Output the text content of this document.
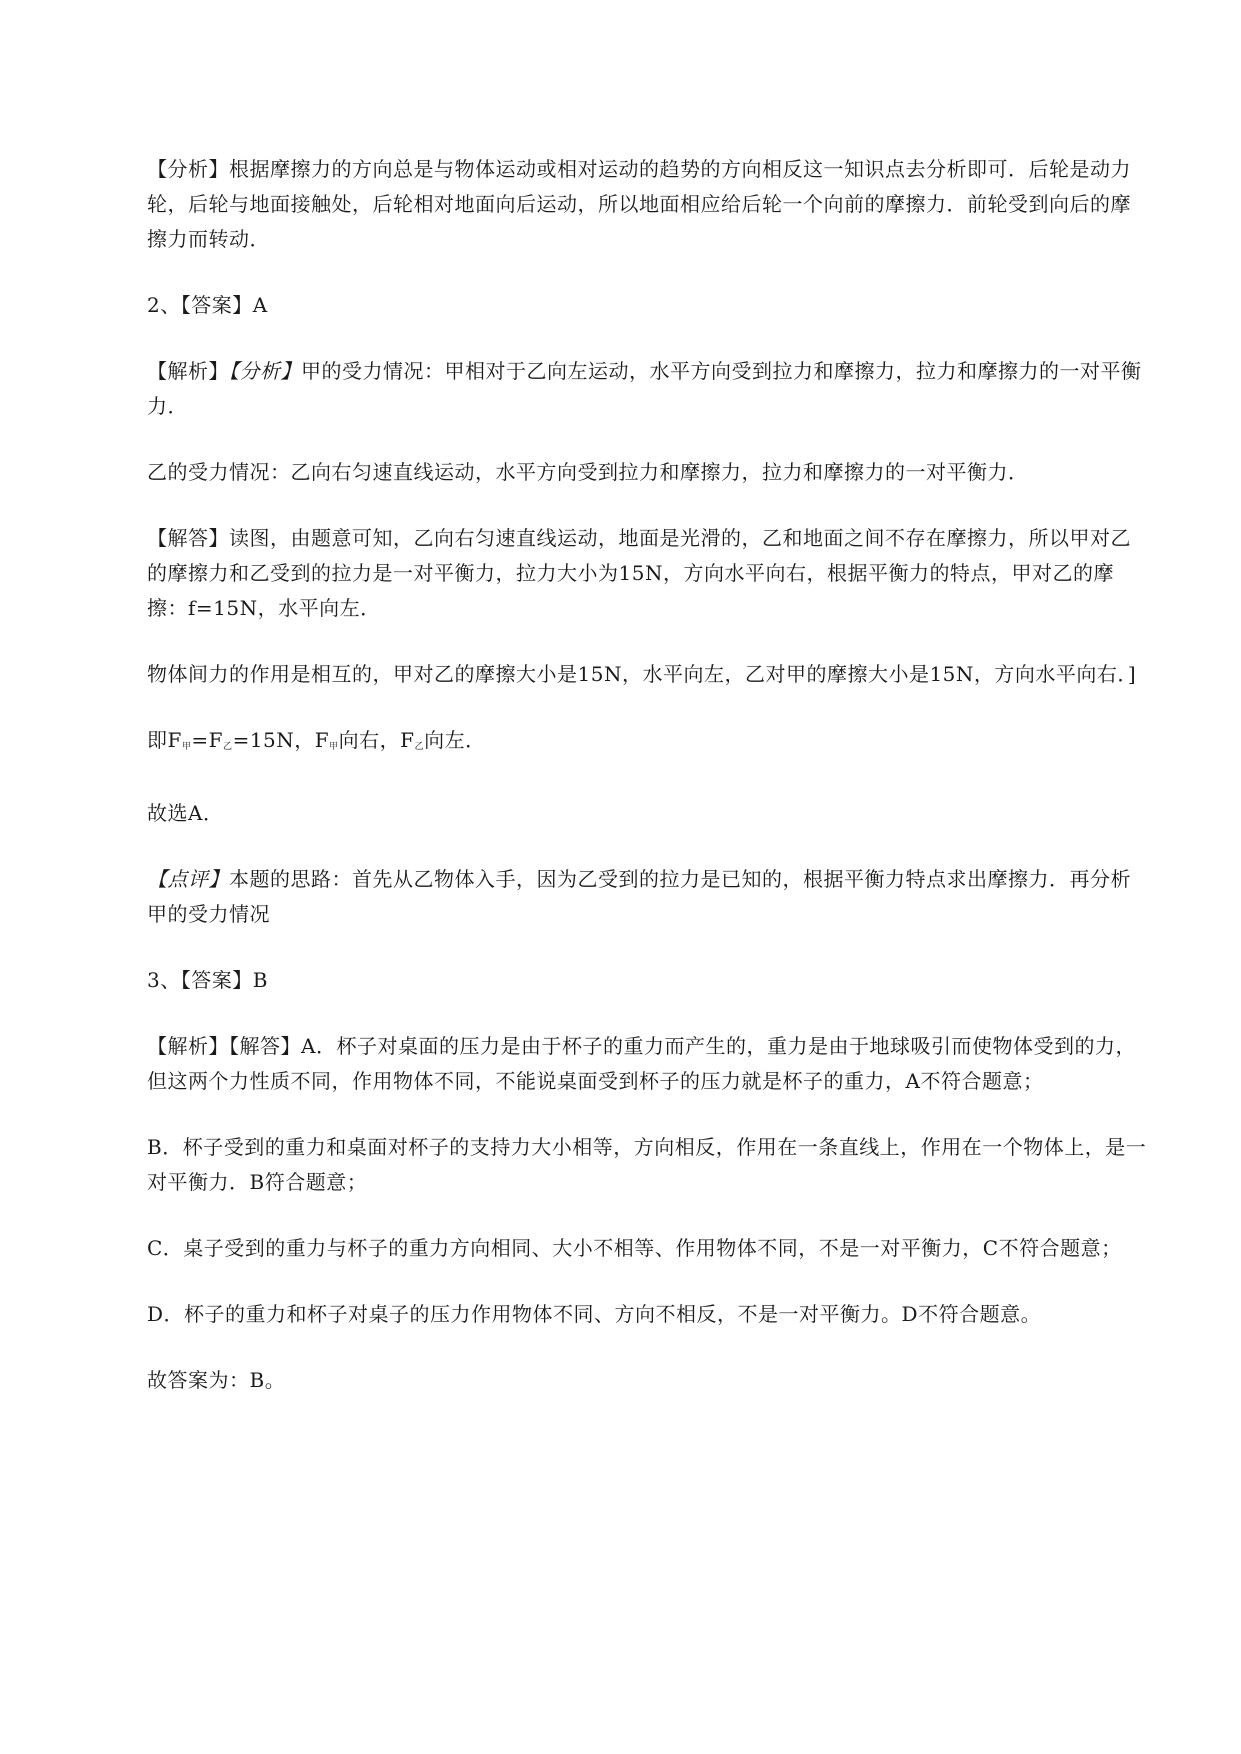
【分析】根据摩擦力的方向总是与物体运动或相对运动的趋势的方向相反这一知识点去分析即可．后轮是动力轮，后轮与地面接触处，后轮相对地面向后运动，所以地面相应给后轮一个向前的摩擦力．前轮受到向后的摩擦力而转动．

2、【答案】A

【解析】【分析】甲的受力情况：甲相对于乙向左运动，水平方向受到拉力和摩擦力，拉力和摩擦力的一对平衡力．

乙的受力情况：乙向右匀速直线运动，水平方向受到拉力和摩擦力，拉力和摩擦力的一对平衡力．

【解答】读图，由题意可知，乙向右匀速直线运动，地面是光滑的，乙和地面之间不存在摩擦力，所以甲对乙的摩擦力和乙受到的拉力是一对平衡力，拉力大小为15N，方向水平向右，根据平衡力的特点，甲对乙的摩擦：f=15N，水平向左．

物体间力的作用是相互的，甲对乙的摩擦大小是15N，水平向左，乙对甲的摩擦大小是15N，方向水平向右．]

即$F_甲=F_乙=15N$，$F_甲$向右，$F_乙$向左．

故选A．

【点评】本题的思路：首先从乙物体入手，因为乙受到的拉力是已知的，根据平衡力特点求出摩擦力．再分析甲的受力情况

3、【答案】B

【解析】【解答】A．杯子对桌面的压力是由于杯子的重力而产生的，重力是由于地球吸引而使物体受到的力，但这两个力性质不同，作用物体不同，不能说桌面受到杯子的压力就是杯子的重力，A不符合题意；

B．杯子受到的重力和桌面对杯子的支持力大小相等，方向相反，作用在一条直线上，作用在一个物体上，是一对平衡力．B符合题意；

C．桌子受到的重力与杯子的重力方向相同、大小不相等、作用物体不同，不是一对平衡力，C不符合题意；

D．杯子的重力和杯子对桌子的压力作用物体不同、方向不相反，不是一对平衡力。D不符合题意。

故答案为：B。
